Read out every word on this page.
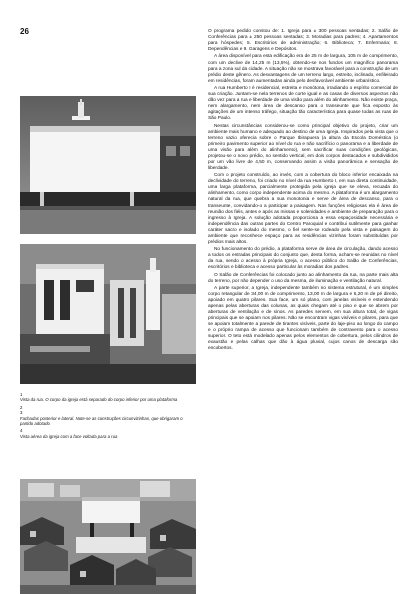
26
1
Vista da rua. O corpo da igreja está separado do corpo inferior por uma plataforma
2
3
Fachadas posterior e lateral. Note-se as construções circunvizinhas, que obrigaram o partido adotado
4
Vista aérea da igreja com a face voltada para a rua

O programa pedido constou de: 1. Igreja para ± 300 pessoas sentadas; 2. Salão de Conferências para ± 250 pessoas sentadas; 3. Moradias para padres; 4. Apartamentos para hóspedes; 5. Escritórios de administração; 6. Biblioteca; 7. Enfermaria; 8. Dependências e 9. Garagens e Depósitos.

A área disponível para esta edificação era de 25 m de largura, 105 m de comprimento, com um declive de 14,25 m (13,5%), obtendo-se nos fundos um magnífico panorama para a zona sul da cidade. A situação não se mostrava favorável para a construção de um prédio deste gênero. As desvantagens de um terreno largo, estreito, inclinado, enfileirado em residências, foram aumentadas ainda pelo desfavorável ambiente urbanístico.

A rua Humberto I é residencial, estreita e monótona, irradiando o espírito comercial de sua criação. Juntam-se nela terrenos de corte igual e as casas de diversos aspectos não dão vez para a rua e liberdade de uma visão para além do alinhamento. Não existe praça, nem alargamento, nem área de descanso para o transeunte que fica exposto às agitações de um intenso tráfego, situação tão característica para quase todas as ruas de São Paulo.

Nestas circunstâncias considerou-se como principal objetivo do projeto, criar um ambiente mais humano e adequado ao destino de uma Igreja. Inspirados pela vista que o terreno vazio oferecia sobre o Parque Ibirapuera (a altura da Escola Doméstica (o primeiro pavimento superior ao nível do rua e não sacrifício o panorama e a liberdade de uma visão para além do alinhamento), sem sacrificar suas condições geológicas, projetou-se o novo prédio, no sentido vertical, em dois corpos destacados e subdivididos por um vão livre de 4,50 m, conservando assim a visão panorâmica e sensação de liberdade.

Com o projeto construído, ao invés, com a cobertura do bloco inferior encaixada na declividade do terreno, foi criado no nível da rua Humberto I, em sua direta continuidade, uma larga plataforma, parcialmente protegida pela igreja que se eleva, recuada do alinhamento, como corpo independente acima do mesmo. A plataforma é um alargamento natural da rua, que quebra a sua monotonia e serve de área de descanso, para o transeunte, convidando-o a participar a paisagem. Nas funções religiosas ela é área de reunião dos fiéis, antes e após as missas e solenidades e ambiente de preparação para o ingresso à Igreja. A solução adotada proporciona a essa espaçosidade necessária e independência das outras partes do Centro Paroquial e contribui sutilmente para ganhar caráter sacro e isolado do mesmo, o fiel sente-se rodeado pela vista e paisagem do ambiente que reconhece espaço para as residências vizinhas foram substituídas por prédios mais altos.

No funcionamento do prédio, a plataforma serve de área de circulação, dando acesso a todos os entradas principais do conjunto que, desta forma, acham-se reunidas no nível da rua, sendo o acesso à própria Igreja, o acesso público do Salão de Conferências, escritórios e biblioteca e acesso particular às moradias dos padres.

O Salão de Conferências foi colocado junto ao alinhamento da rua, na parte mais alta do terreno, por não depender o uso da mesma, de iluminação e ventilação natural.

A parte superior, a Igreja, independente também no sistema estrutural, é um simples corpo retangular de 34,00 m de comprimento, 13,00 m de largura e 6,20 m de pé direito, apoiado em quatro pilares. Sua face, um só plano, com janelas visíveis e estendendo apenas pelas aberturas das colunas, as quais chegam até o piso e que se abrem por aberturas de ventilação e de sinos. As paredes servem, em sua altura total, de vigas principais que se apoiam nos pilares. Não se encontram vigas visíveis e pilares, para que se apoiam totalmente a parede de tirantes visíveis, parte do laje-piso ao longo do campo e o próprio rampa de acesso que funcionam também de contravento para o acesso superior. O teto está modelado apenas pelos elementos de cobertura, pelos cilindros de exaustão e pelas calhas que dão à água pluvial, cujos canos de descarga são encobertos.
